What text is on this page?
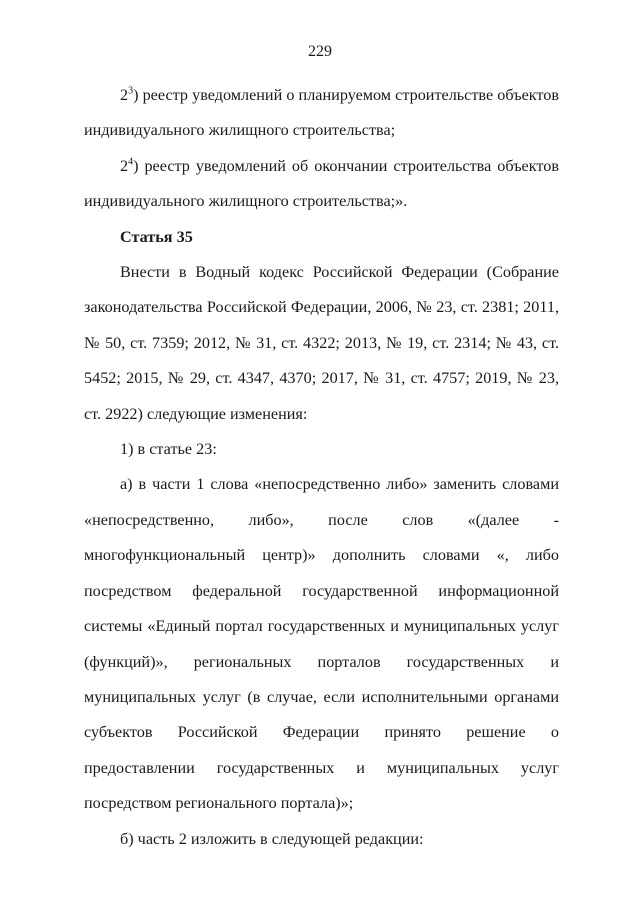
229

$2^3$) реестр уведомлений о планируемом строительстве объектов индивидуального жилищного строительства;

$2^4$) реестр уведомлений об окончании строительства объектов индивидуального жилищного строительства;».

Статья 35

Внести в Водный кодекс Российской Федерации (Собрание законодательства Российской Федерации, 2006, № 23, ст. 2381; 2011, № 50, ст. 7359; 2012, № 31, ст. 4322; 2013, № 19, ст. 2314; № 43, ст. 5452; 2015, № 29, ст. 4347, 4370; 2017, № 31, ст. 4757; 2019, № 23, ст. 2922) следующие изменения:

1) в статье 23:

а) в части 1 слова «непосредственно либо» заменить словами «непосредственно, либо», после слов «(далее - многофункциональный центр)» дополнить словами «, либо посредством федеральной государственной информационной системы «Единый портал государственных и муниципальных услуг (функций)», региональных порталов государственных и муниципальных услуг (в случае, если исполнительными органами субъектов Российской Федерации принято решение о предоставлении государственных и муниципальных услуг посредством регионального портала)»;

б) часть 2 изложить в следующей редакции:
